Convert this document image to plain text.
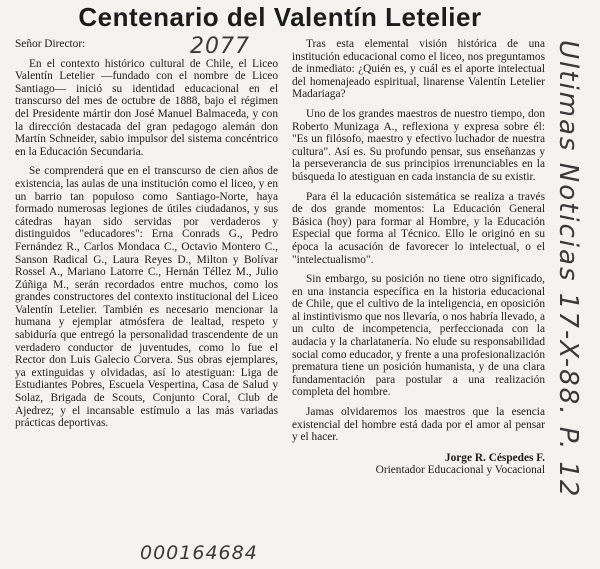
Centenario del Valentín Letelier
2077
000164684
Ultimas Noticias 17-X-88. P. 12

Señor Director:

En el contexto histórico cultural de Chile, el Liceo Valentín Letelier —fundado con el nombre de Liceo Santiago— inició su identidad educacional en el transcurso del mes de octubre de 1888, bajo el régimen del Presidente mártir don José Manuel Balmaceda, y con la dirección destacada del gran pedagogo alemán don Martín Schneider, sabio impulsor del sistema concéntrico en la Educación Secundaria.

Se comprenderá que en el transcurso de cien años de existencia, las aulas de una institución como el liceo, y en un barrio tan populoso como Santiago-Norte, haya formado numerosas legiones de útiles ciudadanos, y sus cátedras hayan sido servidas por verdaderos y distinguidos "educadores": Erna Conrads G., Pedro Fernández R., Carlos Mondaca C., Octavio Montero C., Sanson Radical G., Laura Reyes D., Milton y Bolívar Rossel A., Mariano Latorre C., Hernán Téllez M., Julio Zúñiga M., serán recordados entre muchos, como los grandes constructores del contexto institucional del Liceo Valentín Letelier. También es necesario mencionar la humana y ejemplar atmósfera de lealtad, respeto y sabiduría que entregó la personalidad trascendente de un verdadero conductor de juventudes, como lo fue el Rector don Luis Galecio Corvera. Sus obras ejemplares, ya extinguidas y olvidadas, así lo atestiguan: Liga de Estudiantes Pobres, Escuela Vespertina, Casa de Salud y Solaz, Brigada de Scouts, Conjunto Coral, Club de Ajedrez; y el incansable estímulo a las más variadas prácticas deportivas.

Tras esta elemental visión histórica de una institución educacional como el liceo, nos preguntamos de inmediato: ¿Quién es, y cuál es el aporte intelectual del homenajeado espiritual, linarense Valentín Letelier Madariaga?

Uno de los grandes maestros de nuestro tiempo, don Roberto Munizaga A., reflexiona y expresa sobre él: "Es un filósofo, maestro y efectivo luchador de nuestra cultura". Así es. Su profundo pensar, sus enseñanzas y la perseverancia de sus principios irrenunciables en la búsqueda lo atestiguan en cada instancia de su existir.

Para él la educación sistemática se realiza a través de dos grande momentos: La Educación General Básica (hoy) para formar al Hombre, y la Educación Especial que forma al Técnico. Ello le originó en su época la acusación de favorecer lo intelectual, o el "intelectualismo".

Sin embargo, su posición no tiene otro significado, en una instancia específica en la historia educacional de Chile, que el cultivo de la inteligencia, en oposición al instintivismo que nos llevaría, o nos habría llevado, a un culto de incompetencia, perfeccionada con la audacia y la charlatanería. No elude su responsabilidad social como educador, y frente a una profesionalización prematura tiene un posición humanista, y de una clara fundamentación para postular a una realización completa del hombre.

Jamas olvidaremos los maestros que la esencia existencial del hombre está dada por el amor al pensar y el hacer.

Jorge R. Céspedes F.

Orientador Educacional y Vocacional
